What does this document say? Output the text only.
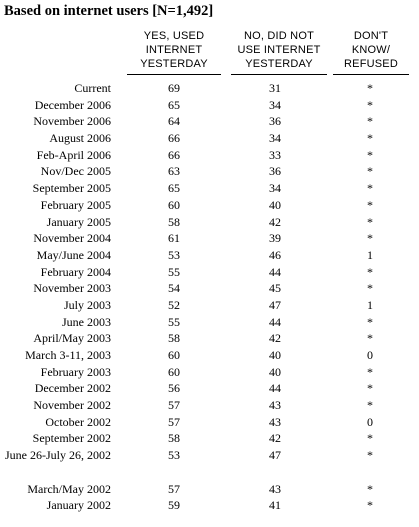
Based on internet users [N=1,492]
YES, USED
INTERNET
YESTERDAY
NO, DID NOT
USE INTERNET
YESTERDAY
DON'T
KNOW/
REFUSED
Current	69	31	*
December 2006	65	34	*
November 2006	64	36	*
August 2006	66	34	*
Feb-April 2006	66	33	*
Nov/Dec 2005	63	36	*
September 2005	65	34	*
February 2005	60	40	*
January 2005	58	42	*
November 2004	61	39	*
May/June 2004	53	46	1
February 2004	55	44	*
November 2003	54	45	*
July 2003	52	47	1
June 2003	55	44	*
April/May 2003	58	42	*
March 3-11, 2003	60	40	0
February 2003	60	40	*
December 2002	56	44	*
November 2002	57	43	*
October 2002	57	43	0
September 2002	58	42	*
June 26-July 26, 2002	53	47	*
March/May 2002	57	43	*
January 2002	59	41	*
